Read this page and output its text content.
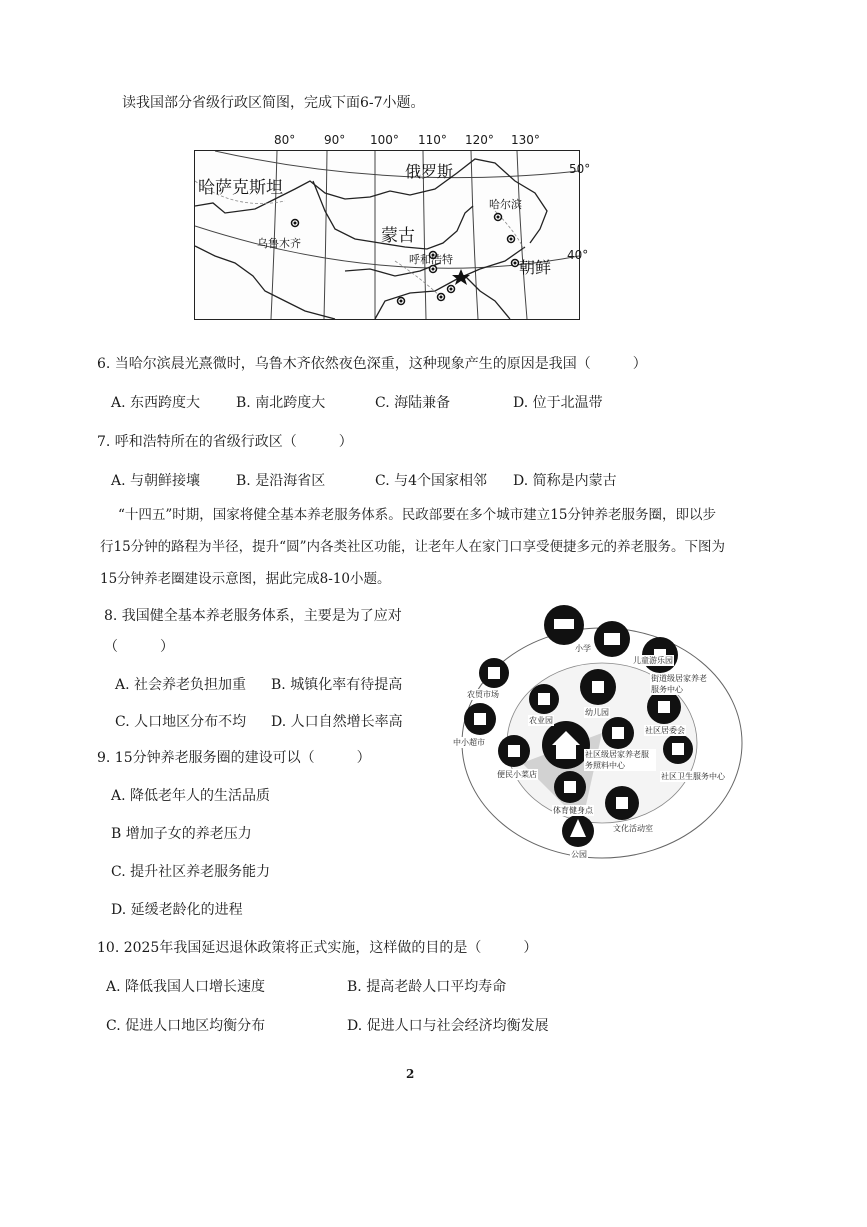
读我国部分省级行政区简图，完成下面6-7小题。
80° 90° 100° 110° 120° 130°
哈萨克斯坦
俄罗斯
蒙古
哈尔滨
乌鲁木齐
呼和浩特	朝鲜
50°
40°
6. 当哈尔滨晨光熹微时，乌鲁木齐依然夜色深重，这种现象产生的原因是我国（　　　）
A. 东西跨度大	B. 南北跨度大	C. 海陆兼备	D. 位于北温带
7. 呼和浩特所在的省级行政区（　　　）
A. 与朝鲜接壤	B. 是沿海省区	C. 与4个国家相邻 D. 简称是内蒙古
“十四五”时期，国家将健全基本养老服务体系。民政部要在多个城市建立15分钟养老服务圈，即以步
行15分钟的路程为半径，提升“圆”内各类社区功能，让老年人在家门口享受便捷多元的养老服务。下图为
15分钟养老圈建设示意图，据此完成8-10小题。
8. 我国健全基本养老服务体系，主要是为了应对
（　　　）
A. 社会养老负担加重 B. 城镇化率有待提高
C. 人口地区分布不均 D. 人口自然增长率高
小学
儿童游乐园
街道级居家养老服务中心
农贸市场
农业园
幼儿园
社区居委会
中小超市
便民小菜店
社区级居家养老服务照料中心
社区卫生服务中心
体育健身点
文化活动室
公园
9. 15分钟养老服务圈的建设可以（　　　）
A. 降低老年人的生活品质
B 增加子女的养老压力
C. 提升社区养老服务能力
D. 延缓老龄化的进程
10. 2025年我国延迟退休政策将正式实施，这样做的目的是（　　　）
A. 降低我国人口增长速度	B. 提高老龄人口平均寿命
C. 促进人口地区均衡分布	D. 促进人口与社会经济均衡发展
2
